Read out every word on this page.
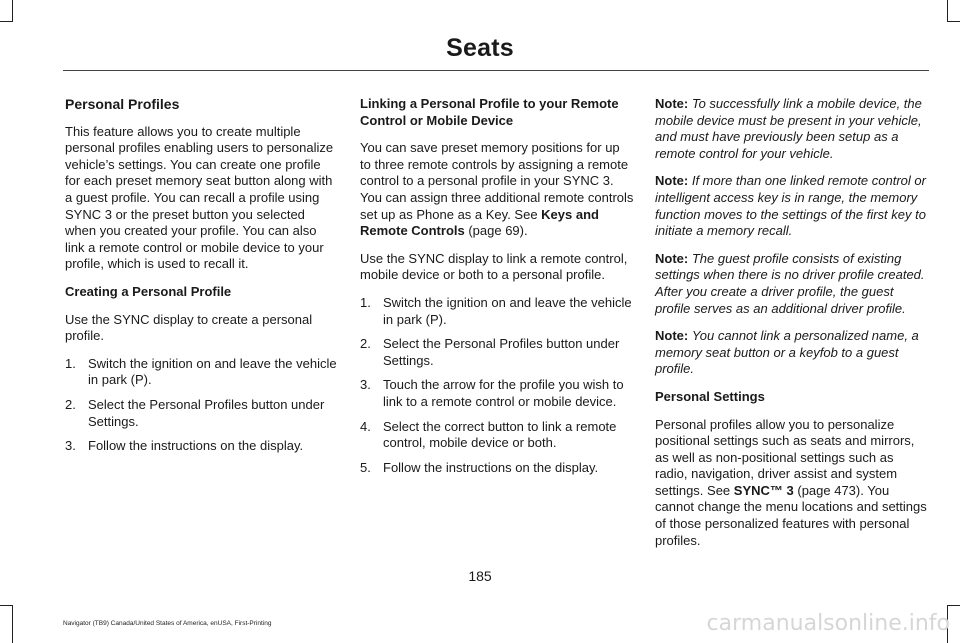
Seats
Personal Profiles

This feature allows you to create multiple personal profiles enabling users to personalize vehicle’s settings. You can create one profile for each preset memory seat button along with a guest profile. You can recall a profile using SYNC 3 or the preset button you selected when you created your profile. You can also link a remote control or mobile device to your profile, which is used to recall it.

Creating a Personal Profile

Use the SYNC display to create a personal profile.

1. Switch the ignition on and leave the vehicle in park (P).
2. Select the Personal Profiles button under Settings.
3. Follow the instructions on the display.
Linking a Personal Profile to your Remote Control or Mobile Device

You can save preset memory positions for up to three remote controls by assigning a remote control to a personal profile in your SYNC 3. You can assign three additional remote controls set up as Phone as a Key. See Keys and Remote Controls (page 69).

Use the SYNC display to link a remote control, mobile device or both to a personal profile.

1. Switch the ignition on and leave the vehicle in park (P).
2. Select the Personal Profiles button under Settings.
3. Touch the arrow for the profile you wish to link to a remote control or mobile device.
4. Select the correct button to link a remote control, mobile device or both.
5. Follow the instructions on the display.

Note: To successfully link a mobile device, the mobile device must be present in your vehicle, and must have previously been setup as a remote control for your vehicle.

Note: If more than one linked remote control or intelligent access key is in range, the memory function moves to the settings of the first key to initiate a memory recall.

Note: The guest profile consists of existing settings when there is no driver profile created. After you create a driver profile, the guest profile serves as an additional driver profile.

Note: You cannot link a personalized name, a memory seat button or a keyfob to a guest profile.

Personal Settings

Personal profiles allow you to personalize positional settings such as seats and mirrors, as well as non-positional settings such as radio, navigation, driver assist and system settings. See SYNC™ 3 (page 473). You cannot change the menu locations and settings of those personalized features with personal profiles.

185
Navigator (TB9) Canada/United States of America, enUSA, First-Printing	carmanualsonline.info
